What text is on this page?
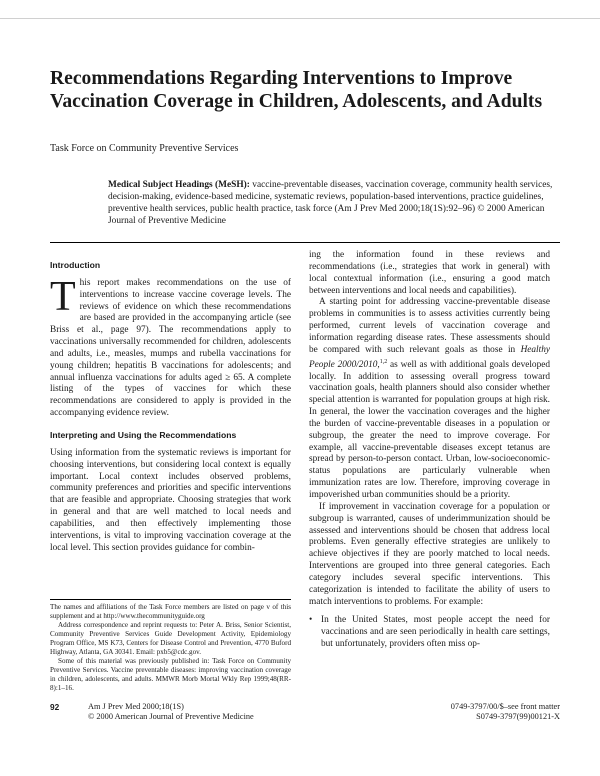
Recommendations Regarding Interventions to Improve Vaccination Coverage in Children, Adolescents, and Adults

Task Force on Community Preventive Services

Medical Subject Headings (MeSH): vaccine-preventable diseases, vaccination coverage, community health services, decision-making, evidence-based medicine, systematic reviews, population-based interventions, practice guidelines, preventive health services, public health practice, task force (Am J Prev Med 2000;18(1S):92–96) © 2000 American Journal of Preventive Medicine

Introduction

This report makes recommendations on the use of interventions to increase vaccine coverage levels. The reviews of evidence on which these recommendations are based are provided in the accompanying article (see Briss et al., page 97). The recommendations apply to vaccinations universally recommended for children, adolescents and adults, i.e., measles, mumps and rubella vaccinations for young children; hepatitis B vaccinations for adolescents; and annual influenza vaccinations for adults aged ≥ 65. A complete listing of the types of vaccines for which these recommendations are considered to apply is provided in the accompanying evidence review.

Interpreting and Using the Recommendations

Using information from the systematic reviews is important for choosing interventions, but considering local context is equally important. Local context includes observed problems, community preferences and priorities and specific interventions that are feasible and appropriate. Choosing strategies that work in general and that are well matched to local needs and capabilities, and then effectively implementing those interventions, is vital to improving vaccination coverage at the local level. This section provides guidance for combin-

ing the information found in these reviews and recommendations (i.e., strategies that work in general) with local contextual information (i.e., ensuring a good match between interventions and local needs and capabilities).

A starting point for addressing vaccine-preventable disease problems in communities is to assess activities currently being performed, current levels of vaccination coverage and information regarding disease rates. These assessments should be compared with such relevant goals as those in Healthy People 2000/2010,$^{1,2}$ as well as with additional goals developed locally. In addition to assessing overall progress toward vaccination goals, health planners should also consider whether special attention is warranted for population groups at high risk. In general, the lower the vaccination coverages and the higher the burden of vaccine-preventable diseases in a population or subgroup, the greater the need to improve coverage. For example, all vaccine-preventable diseases except tetanus are spread by person-to-person contact. Urban, low-socioeconomic-status populations are particularly vulnerable when immunization rates are low. Therefore, improving coverage in impoverished urban communities should be a priority.

If improvement in vaccination coverage for a population or subgroup is warranted, causes of underimmunization should be assessed and interventions should be chosen that address local problems. Even generally effective strategies are unlikely to achieve objectives if they are poorly matched to local needs. Interventions are grouped into three general categories. Each category includes several specific interventions. This categorization is intended to facilitate the ability of users to match interventions to problems. For example:

• In the United States, most people accept the need for vaccinations and are seen periodically in health care settings, but unfortunately, providers often miss op-

The names and affiliations of the Task Force members are listed on page v of this supplement and at http://www.thecommunityguide.org

Address correspondence and reprint requests to: Peter A. Briss, Senior Scientist, Community Preventive Services Guide Development Activity, Epidemiology Program Office, MS K73, Centers for Disease Control and Prevention, 4770 Buford Highway, Atlanta, GA 30341. Email: pxb5@cdc.gov.

Some of this material was previously published in: Task Force on Community Preventive Services. Vaccine preventable diseases: improving vaccination coverage in children, adolescents, and adults. MMWR Morb Mortal Wkly Rep 1999;48(RR-8):1–16.

92	Am J Prev Med 2000;18(1S)
© 2000 American Journal of Preventive Medicine
0749-3797/00/$–see front matter
S0749-3797(99)00121-X
